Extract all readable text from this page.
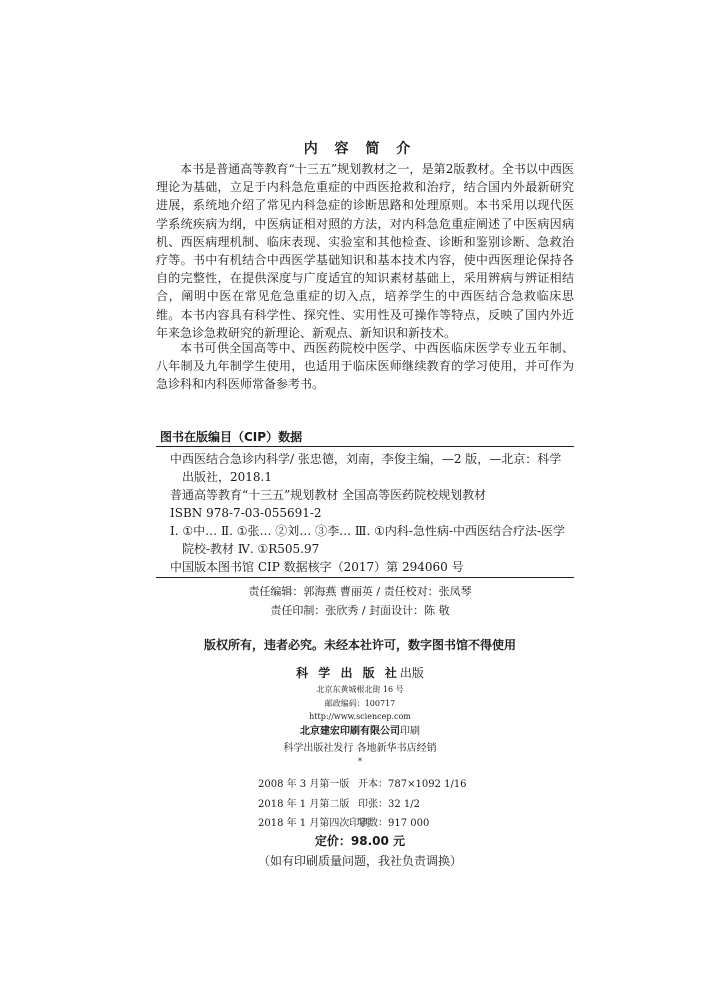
内 容 简 介

本书是普通高等教育“十三五”规划教材之一，是第2版教材。全书以中西医理论为基础，立足于内科急危重症的中西医抢救和治疗，结合国内外最新研究进展，系统地介绍了常见内科急症的诊断思路和处理原则。本书采用以现代医学系统疾病为纲，中医病证相对照的方法，对内科急危重症阐述了中医病因病机、西医病理机制、临床表现、实验室和其他检查、诊断和鉴别诊断、急救治疗等。书中有机结合中西医学基础知识和基本技术内容，使中西医理论保持各自的完整性，在提供深度与广度适宜的知识素材基础上，采用辨病与辨证相结合，阐明中医在常见危急重症的切入点，培养学生的中西医结合急救临床思维。本书内容具有科学性、探究性、实用性及可操作等特点，反映了国内外近年来急诊急救研究的新理论、新观点、新知识和新技术。

本书可供全国高等中、西医药院校中医学、中西医临床医学专业五年制、八年制及九年制学生使用，也适用于临床医师继续教育的学习使用，并可作为急诊科和内科医师常备参考书。

图书在版编目（CIP）数据

中西医结合急诊内科学/ 张忠德，刘南，李俊主编，—2 版，—北京：科学出版社，2018.1

普通高等教育“十三五”规划教材 全国高等医药院校规划教材

ISBN 978-7-03-055691-2

Ⅰ. ①中… Ⅱ. ①张… ②刘… ③李… Ⅲ. ①内科-急性病-中西医结合疗法-医学院校-教材 Ⅳ. ①R505.97

中国版本图书馆 CIP 数据核字（2017）第 294060 号

责任编辑：郭海燕 曹丽英 / 责任校对：张凤琴
责任印制：张欣秀 / 封面设计：陈 敬
版权所有，违者必究。未经本社许可，数字图书馆不得使用
科 学 出 版 社出版
北京东黄城根北街 16 号
邮政编码：100717
http://www.sciencep.com
北京建宏印刷有限公司印刷
科学出版社发行 各地新华书店经销
*
2008 年 3 月第一版 开本：787×1092 1/16
2018 年 1 月第二版 印张：32 1/2
2018 年 1 月第四次印刷
字数：917 000
定价：98.00 元
（如有印刷质量问题，我社负责调换）
